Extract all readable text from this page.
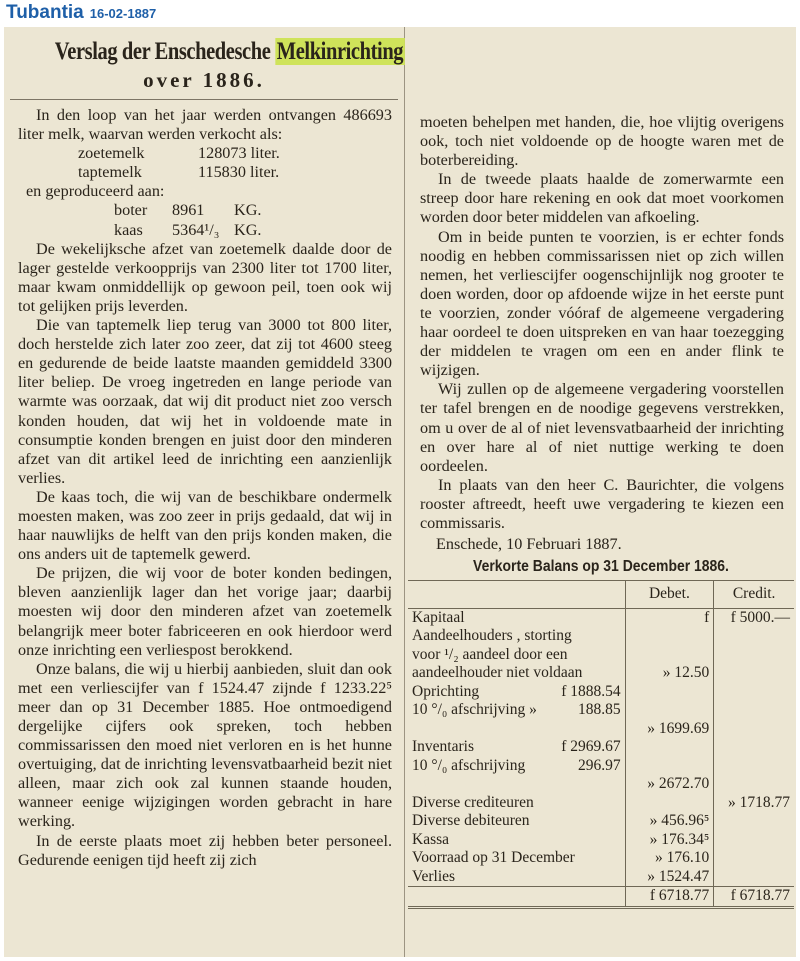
Tubantia 16-02-1887
Verslag der Enschedesche Melkinrichting
over 1886.

In den loop van het jaar werden ontvangen 486693 liter melk, waarvan werden verkocht als:

zoetemelk	128073 liter.
taptemelk	115830 liter.

en geproduceerd aan:

boter 8961 KG.
kaas 5364¹/₃ KG.

De wekelijksche afzet van zoetemelk daalde door de lager gestelde verkoopprijs van 2300 liter tot 1700 liter, maar kwam onmiddellijk op gewoon peil, toen ook wij tot gelijken prijs leverden.

Die van taptemelk liep terug van 3000 tot 800 liter, doch herstelde zich later zoo zeer, dat zij tot 4600 steeg en gedurende de beide laatste maanden gemiddeld 3300 liter beliep. De vroeg ingetreden en lange periode van warmte was oorzaak, dat wij dit product niet zoo versch konden houden, dat wij het in voldoende mate in consumptie konden brengen en juist door den minderen afzet van dit artikel leed de inrichting een aanzienlijk verlies.

De kaas toch, die wij van de beschikbare ondermelk moesten maken, was zoo zeer in prijs gedaald, dat wij in haar nauwlijks de helft van den prijs konden maken, die ons anders uit de taptemelk gewerd.

De prijzen, die wij voor de boter konden bedingen, bleven aanzienlijk lager dan het vorige jaar; daarbij moesten wij door den minderen afzet van zoetemelk belangrijk meer boter fabriceeren en ook hierdoor werd onze inrichting een verliespost berokkend.

Onze balans, die wij u hierbij aanbieden, sluit dan ook met een verliescijfer van f 1524.47 zijnde f 1233.22⁵ meer dan op 31 December 1885. Hoe ontmoedigend dergelijke cijfers ook spreken, toch hebben commissarissen den moed niet verloren en is het hunne overtuiging, dat de inrichting levensvatbaarheid bezit niet alleen, maar zich ook zal kunnen staande houden, wanneer eenige wijzigingen worden gebracht in hare werking.

In de eerste plaats moet zij hebben beter personeel. Gedurende eenigen tijd heeft zij zich

moeten behelpen met handen, die, hoe vlijtig overigens ook, toch niet voldoende op de hoogte waren met de boterbereiding.

In de tweede plaats haalde de zomerwarmte een streep door hare rekening en ook dat moet voorkomen worden door beter middelen van afkoeling.

Om in beide punten te voorzien, is er echter fonds noodig en hebben commissarissen niet op zich willen nemen, het verliescijfer oogenschijnlijk nog grooter te doen worden, door op afdoende wijze in het eerste punt te voorzien, zonder vóóraf de algemeene vergadering haar oordeel te doen uitspreken en van haar toezegging der middelen te vragen om een en ander flink te wijzigen.

Wij zullen op de algemeene vergadering voorstellen ter tafel brengen en de noodige gegevens verstrekken, om u over de al of niet levensvatbaarheid der inrichting en over hare al of niet nuttige werking te doen oordeelen.

In plaats van den heer C. Baurichter, die volgens rooster aftreedt, heeft uwe vergadering te kiezen een commissaris.

Enschede, 10 Februari 1887.
Verkorte Balans op 31 December 1886.
	Debet.	Credit.

Kapitaal	f	f 5000.—
Aandeelhouders , storting

voor ¹/₂ aandeel door een

aandeelhouder niet voldaan	» 12.50	
Oprichting f 1888.54		

10 °/₀ afschrijving » 188.85		

	» 1699.69	
Inventaris f 2969.67		

10 °/₀ afschrijving 296.97		

	» 2672.70	
Diverse crediteuren		» 1718.77
Diverse debiteuren	» 456.96⁵	
Kassa	» 176.34⁵	
Voorraad op 31 December	» 176.10	
Verlies	» 1524.47	
	f 6718.77	f 6718.77
